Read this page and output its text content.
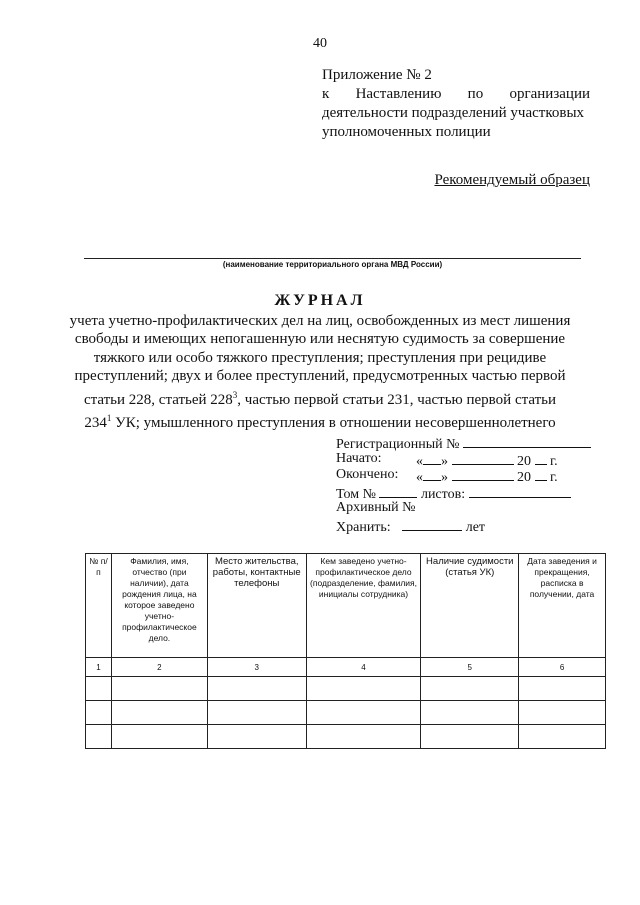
40
Приложение № 2
к Наставлению по организации
деятельности подразделений участковых
уполномоченных полиции
Рекомендуемый образец
(наименование территориального органа МВД России)
ЖУРНАЛ
учета учетно-профилактических дел на лиц, освобожденных из мест лишения
свободы и имеющих непогашенную или неснятую судимость за совершение
тяжкого или особо тяжкого преступления; преступления при рецидиве
преступлений; двух и более преступлений, предусмотренных частью первой
статьи 228, статьей $228^3$, частью первой статьи 231, частью первой статьи
$234^1$ УК; умышленного преступления в отношении несовершеннолетнего
Регистрационный №
Начато: « »	20 г.
Окончено: « »	20 г.
Том №	листов:
Архивный №
Хранить:	лет
№ п/п	Фамилия, имя, отчество (при наличии), дата рождения лица, на которое заведено учетно-профилактическое дело.	Место жительства, работы, контактные телефоны	Кем заведено учетно-профилактическое дело (подразделение, фамилия, инициалы сотрудника)	Наличие судимости (статья УК)	Дата заведения и прекращения, расписка в получении, дата
1	2	3	4	5	6
